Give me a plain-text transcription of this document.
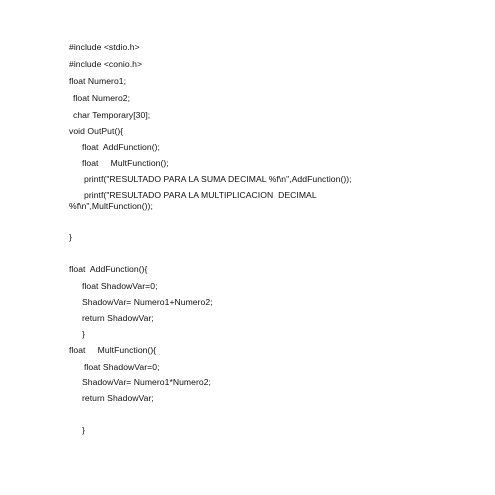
#include <stdio.h>
#include <conio.h>
float Numero1;
float Numero2;
char Temporary[30];
void OutPut(){
float  AddFunction();
float     MultFunction();
printf("RESULTADO PARA LA SUMA DECIMAL %f\n",AddFunction());
printf("RESULTADO PARA LA MULTIPLICACION  DECIMAL
%f\n",MultFunction());
}
float  AddFunction(){
float ShadowVar=0;
ShadowVar= Numero1+Numero2;
return ShadowVar;
}
float     MultFunction(){
float ShadowVar=0;
ShadowVar= Numero1*Numero2;
return ShadowVar;
}
